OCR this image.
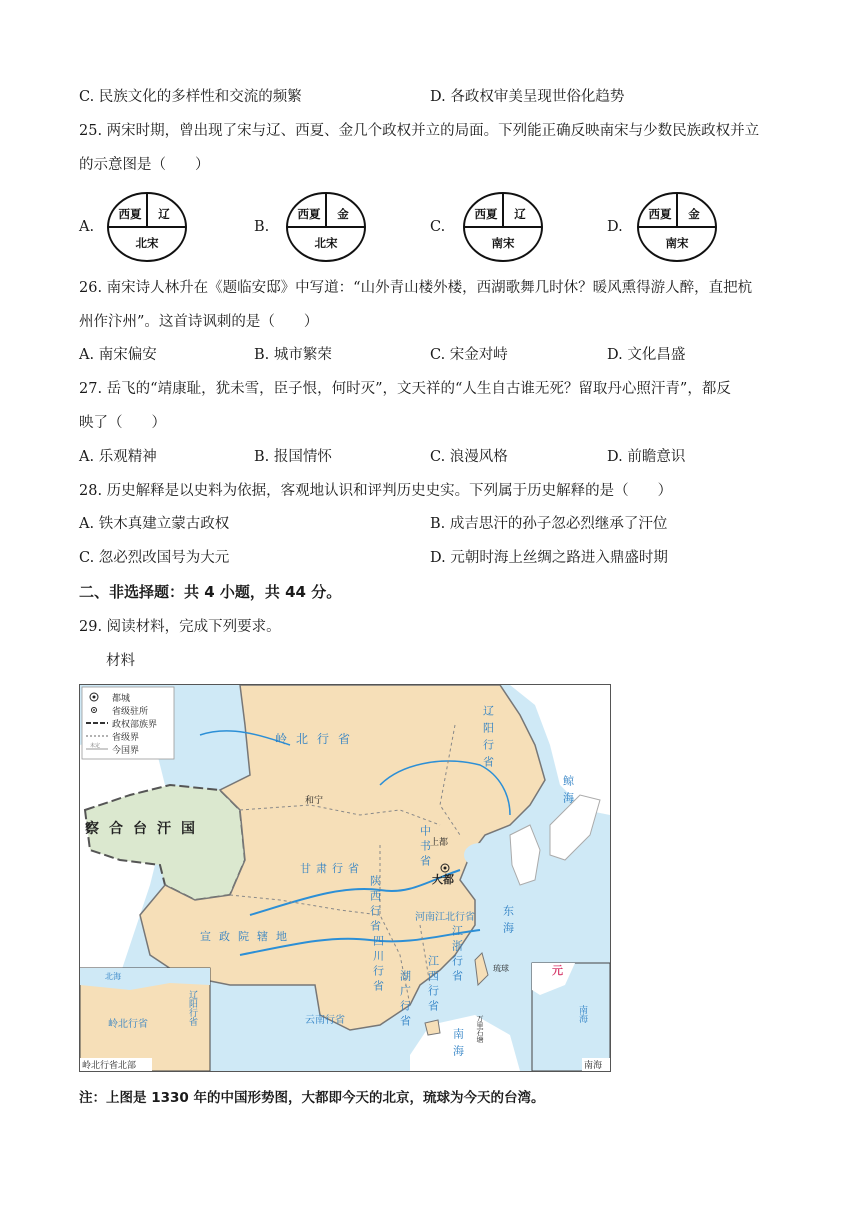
C. 民族文化的多样性和交流的频繁	D. 各政权审美呈现世俗化趋势
25. 两宋时期，曾出现了宋与辽、西夏、金几个政权并立的局面。下列能正确反映南宋与少数民族政权并立
的示意图是（　　）
A.
西夏 辽
北宋
B.
西夏 金
北宋
C.
西夏 辽
南宋
D.
西夏 金
南宋
26. 南宋诗人林升在《题临安邸》中写道：“山外青山楼外楼，西湖歌舞几时休？暖风熏得游人醉，直把杭
州作汴州”。这首诗讽刺的是（　　）
A. 南宋偏安	B. 城市繁荣	C. 宋金对峙	D. 文化昌盛
27. 岳飞的“靖康耻，犹未雪，臣子恨，何时灭”，文天祥的“人生自古谁无死？留取丹心照汗青”，都反
映了（　　）
A. 乐观精神	B. 报国情怀	C. 浪漫风格	D. 前瞻意识
28. 历史解释是以史料为依据，客观地认识和评判历史史实。下列属于历史解释的是（　　）
A. 铁木真建立蒙古政权	B. 成吉思汗的孙子忽必烈继承了汗位
C. 忽必烈改国号为大元	D. 元朝时海上丝绸之路进入鼎盛时期
二、非选择题：共 4 小题，共 44 分。
29. 阅读材料，完成下列要求。
材料
都城
省级驻所
政权部族界
省级界
今国界
未定	岭北行省
察合台汗国
甘肃行省
宣政院辖地
河南江北行省
云南行省
和宁
上都
大都
琉球
辽阳行省
中书省
陕西行省
四川行省	江浙行省
江西行省
湖广行省
鲸海
东海
南海 万里石塘
北海
岭北行省	辽阳行省
岭北行省北部
元
南海
南海
注：上图是 1330 年的中国形势图，大都即今天的北京，琉球为今天的台湾。
